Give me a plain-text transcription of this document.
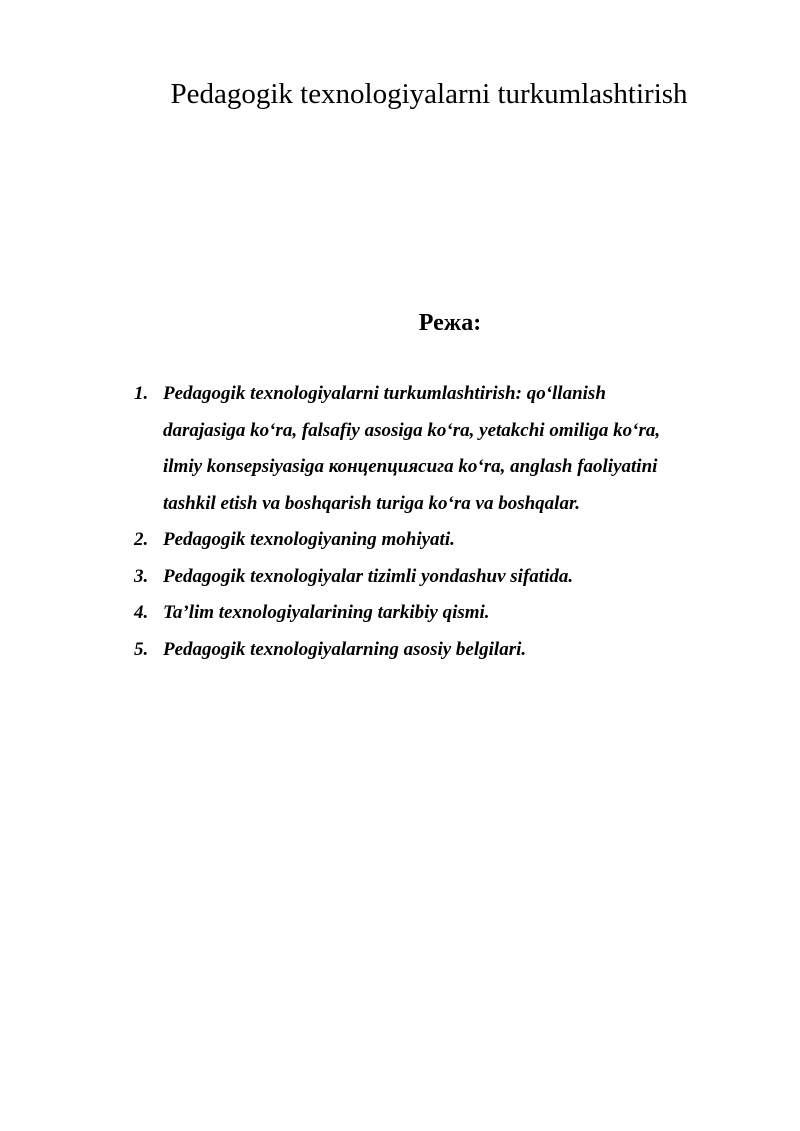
Pedagogik texnologiyalarni turkumlashtirish
Режа:
1. Pedagogik texnologiyalarni turkumlashtirish: qo‘llanish
darajasiga ko‘ra, falsafiy asosiga ko‘ra, yetakchi omiliga ko‘ra,
ilmiy konsepsiyasiga концепциясига ko‘ra, anglash faoliyatini
tashkil etish va boshqarish turiga ko‘ra va boshqalar.
2. Pedagogik texnologiyaning mohiyati.
3. Pedagogik texnologiyalar tizimli yondashuv sifatida.
4. Ta’lim texnologiyalarining tarkibiy qismi.
5. Pedagogik texnologiyalarning asosiy belgilari.
